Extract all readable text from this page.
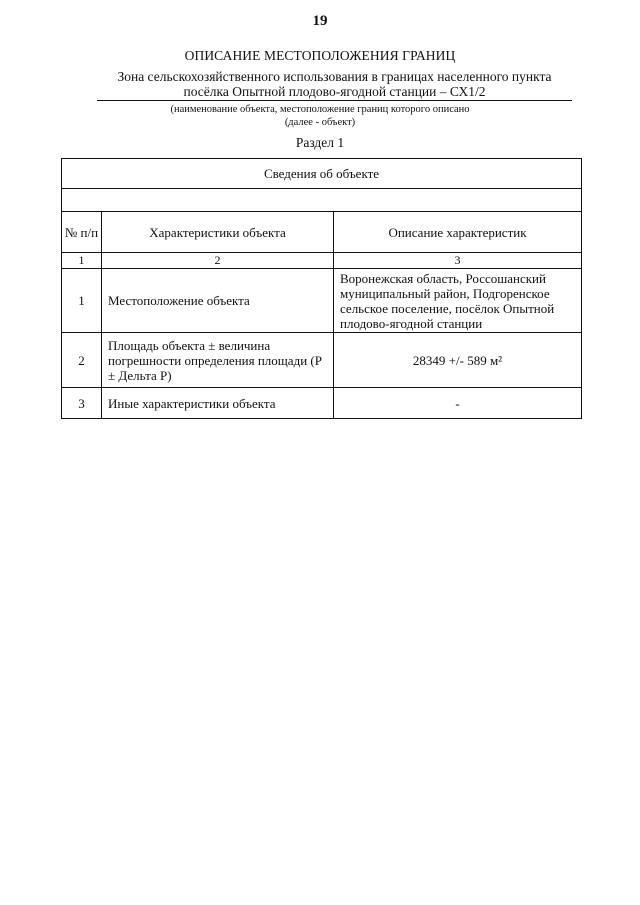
19
ОПИСАНИЕ МЕСТОПОЛОЖЕНИЯ ГРАНИЦ
Зона сельскохозяйственного использования в границах населенного пункта
посёлка Опытной плодово-ягодной станции – СХ1/2
(наименование объекта, местоположение границ которого описано
(далее - объект)
Раздел 1
Сведения об объекте		

№ п/п	Характеристики объекта	Описание характеристик
1	2	3
1	Местоположение объекта	Воронежская область, Россошанский муниципальный район, Подгоренское сельское поселение, посёлок Опытной плодово-ягодной станции
2	Площадь объекта ± величина погрешности определения площади (Р ± Дельта Р)	28349 +/- 589 м²
3	Иные характеристики объекта	-
